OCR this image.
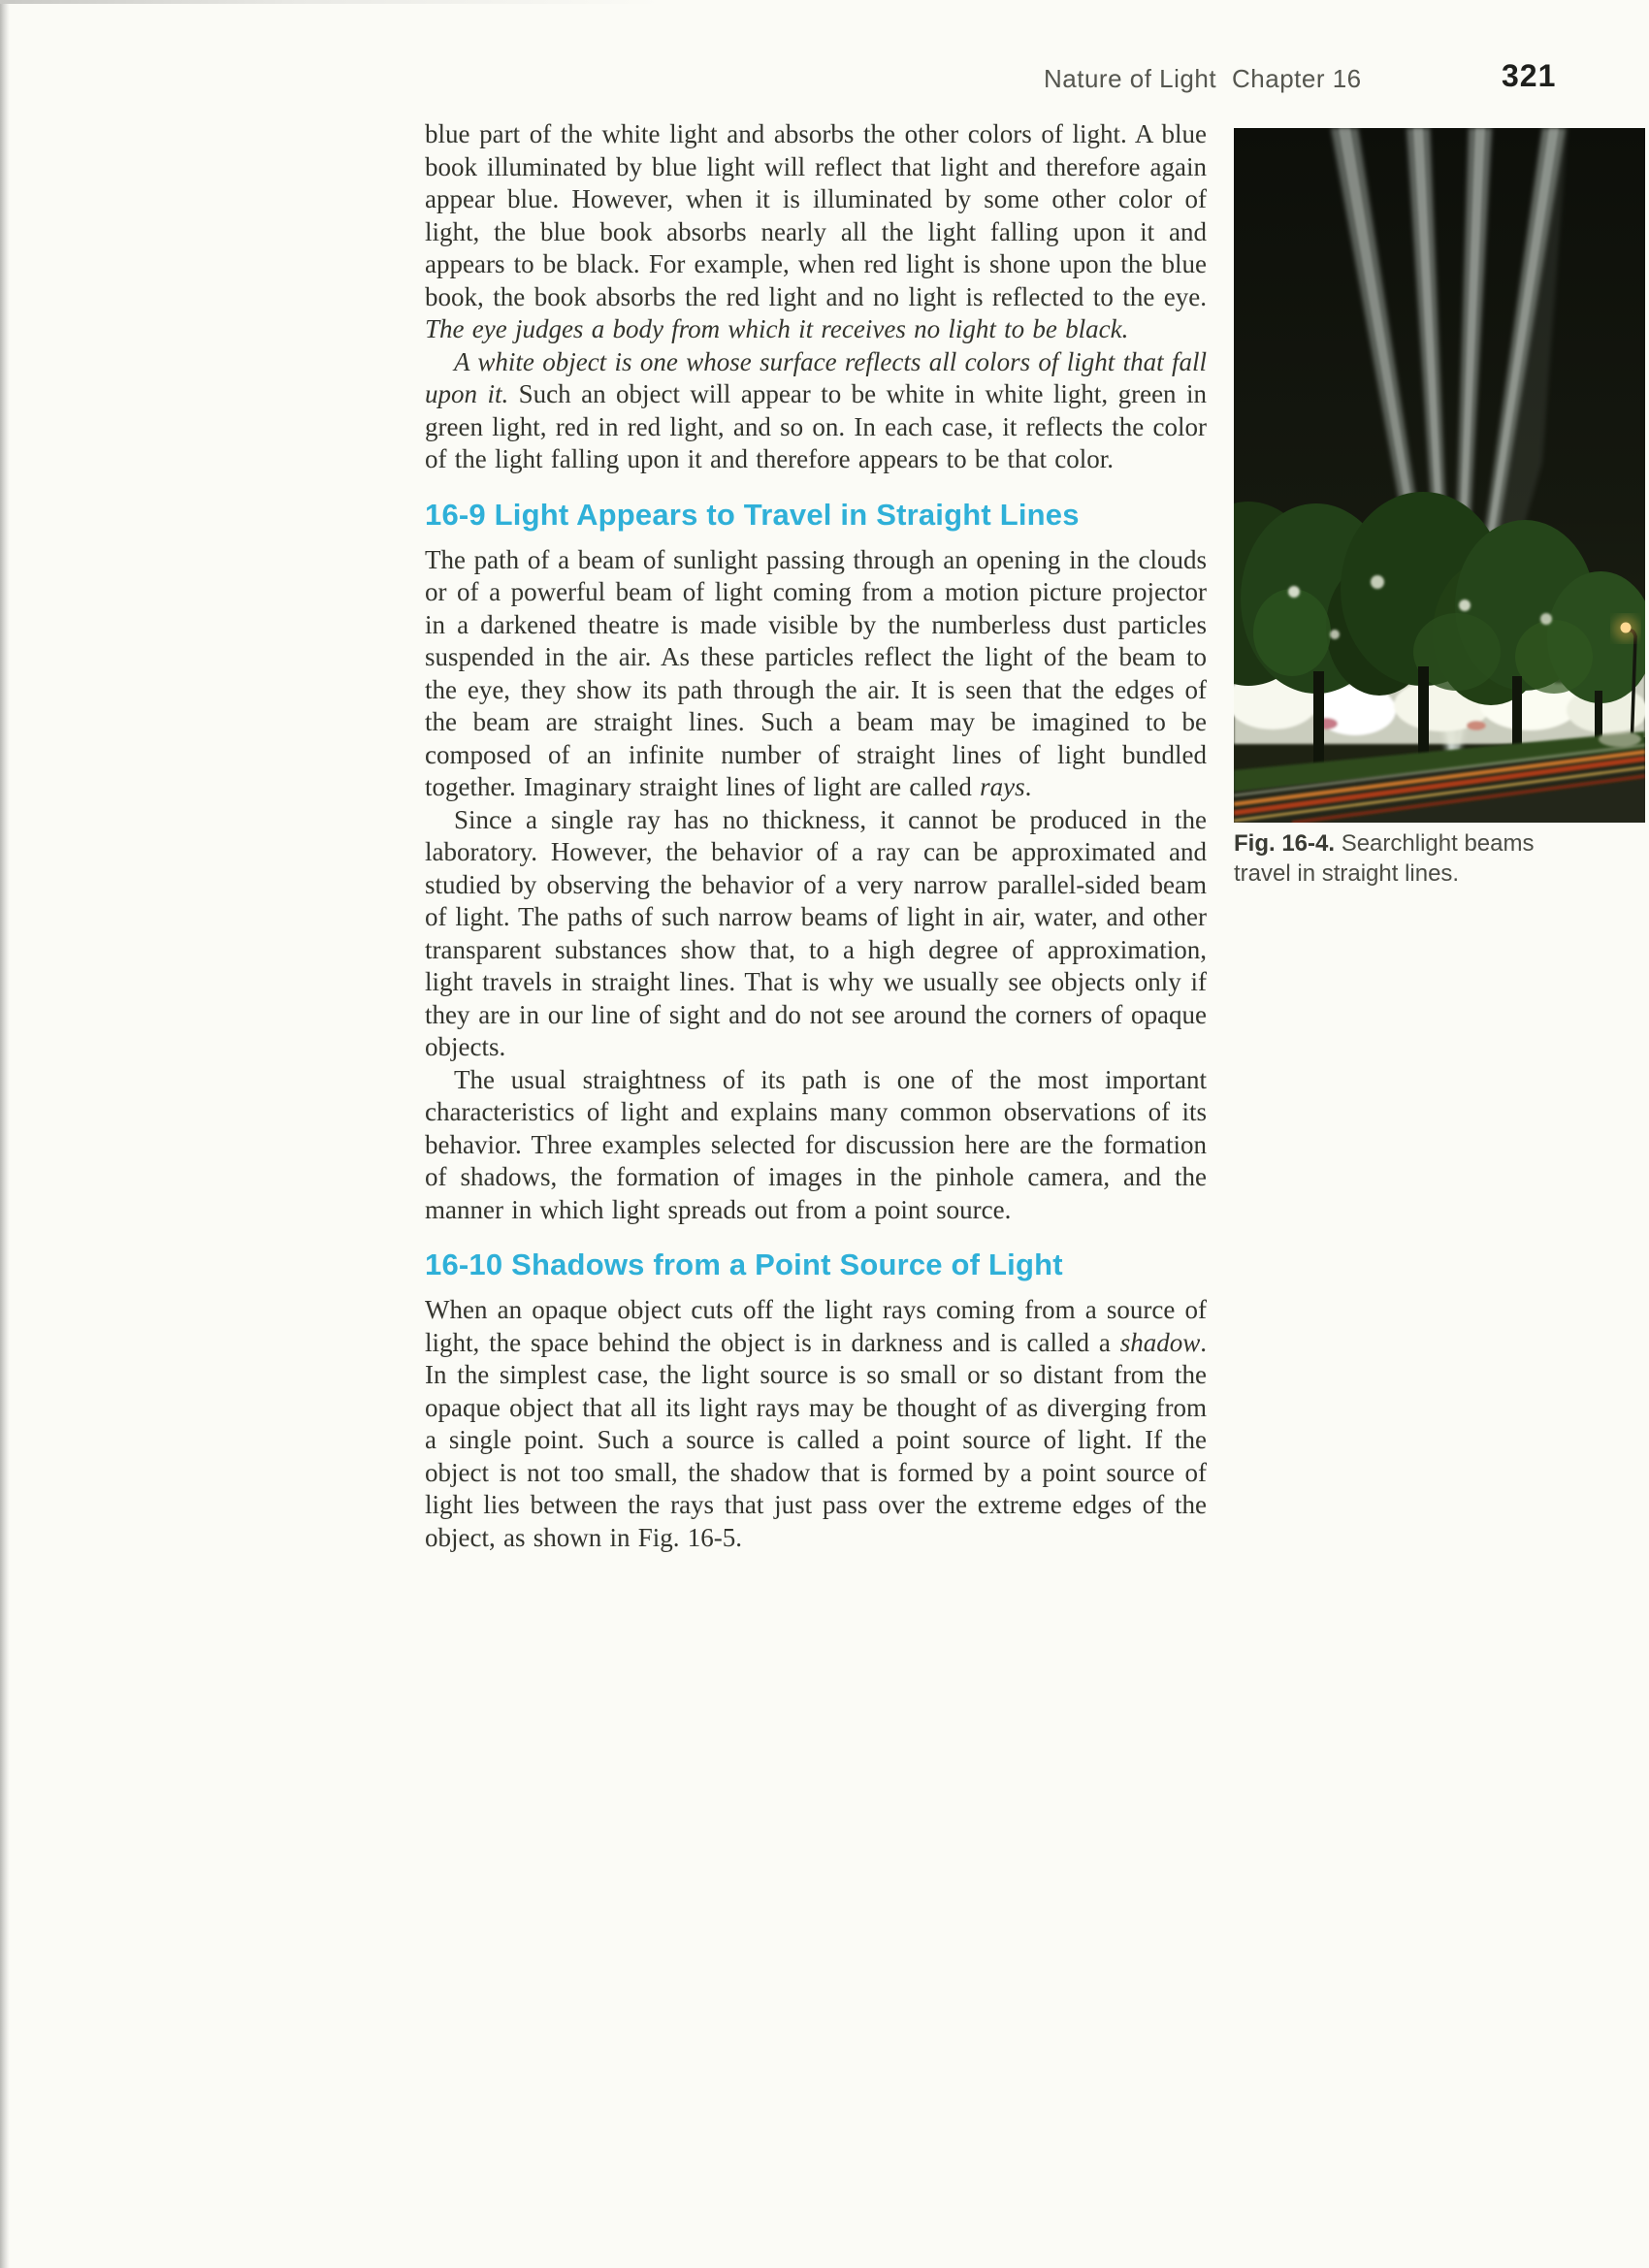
Nature of Light Chapter 16	321

blue part of the white light and absorbs the other colors of light. A blue book illuminated by blue light will reflect that light and therefore again appear blue. However, when it is illuminated by some other color of light, the blue book absorbs nearly all the light falling upon it and appears to be black. For example, when red light is shone upon the blue book, the book absorbs the red light and no light is reflected to the eye. The eye judges a body from which it receives no light to be black.

A white object is one whose surface reflects all colors of light that fall upon it. Such an object will appear to be white in white light, green in green light, red in red light, and so on. In each case, it reflects the color of the light falling upon it and therefore appears to be that color.

16-9 Light Appears to Travel in Straight Lines

The path of a beam of sunlight passing through an opening in the clouds or of a powerful beam of light coming from a motion picture projector in a darkened theatre is made visible by the numberless dust particles suspended in the air. As these particles reflect the light of the beam to the eye, they show its path through the air. It is seen that the edges of the beam are straight lines. Such a beam may be imagined to be composed of an infinite number of straight lines of light bundled together. Imaginary straight lines of light are called rays.

Since a single ray has no thickness, it cannot be produced in the laboratory. However, the behavior of a ray can be approximated and studied by observing the behavior of a very narrow parallel-sided beam of light. The paths of such narrow beams of light in air, water, and other transparent substances show that, to a high degree of approximation, light travels in straight lines. That is why we usually see objects only if they are in our line of sight and do not see around the corners of opaque objects.

The usual straightness of its path is one of the most important characteristics of light and explains many common observations of its behavior. Three examples selected for discussion here are the formation of shadows, the formation of images in the pinhole camera, and the manner in which light spreads out from a point source.

16-10 Shadows from a Point Source of Light

When an opaque object cuts off the light rays coming from a source of light, the space behind the object is in darkness and is called a shadow. In the simplest case, the light source is so small or so distant from the opaque object that all its light rays may be thought of as diverging from a single point. Such a source is called a point source of light. If the object is not too small, the shadow that is formed by a point source of light lies between the rays that just pass over the extreme edges of the object, as shown in Fig. 16-5.

Fig. 16-4. Searchlight beams travel in straight lines.
